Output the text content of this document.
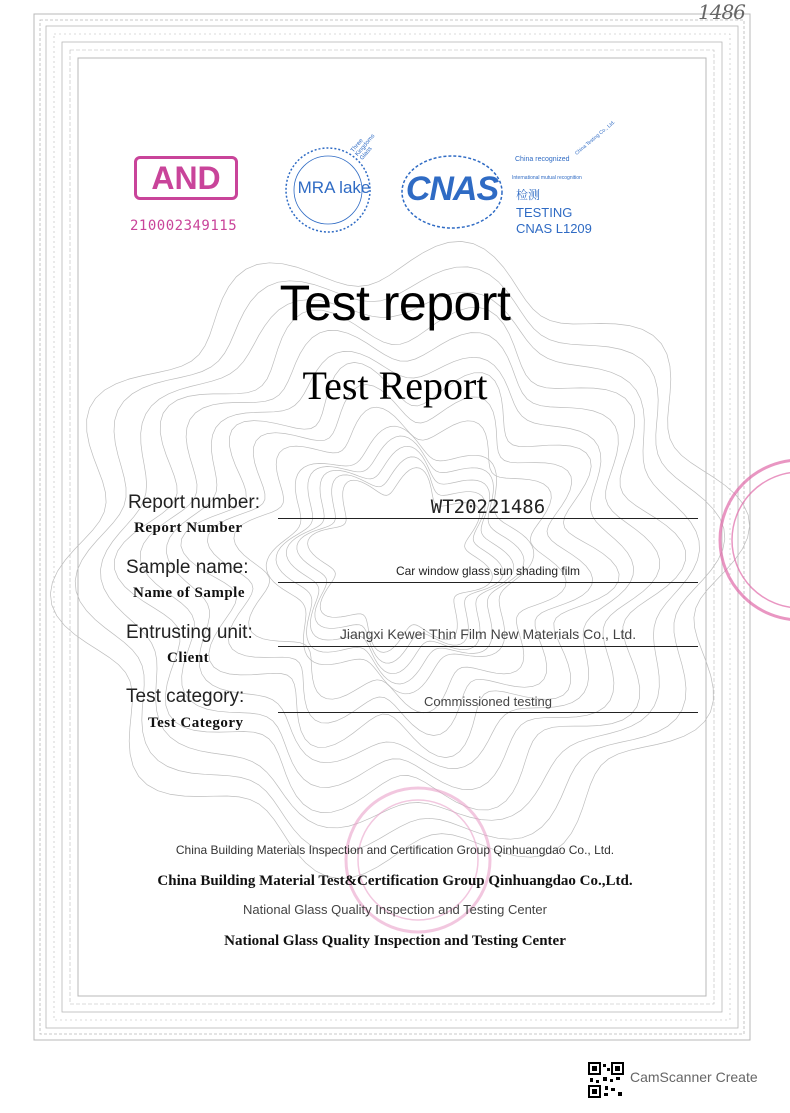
1486
AND
210002349115
MRA lake
Three Kingdoms Glass
CNAS
China recognized
International mutual recognition
检测
TESTING
CNAS L1209
China Testing Co., Ltd.
Test report
Test Report
Report number:
Report Number
WT20221486
Sample name:
Name of Sample
Car window glass sun shading film
Entrusting unit:
Client
Jiangxi Kewei Thin Film New Materials Co., Ltd.
Test category:
Test Category
Commissioned testing
China Building Materials Inspection and Certification Group Qinhuangdao Co., Ltd.
China Building Material Test&Certification Group Qinhuangdao Co.,Ltd.
National Glass Quality Inspection and Testing Center
National Glass Quality Inspection and Testing Center
CamScanner Create
